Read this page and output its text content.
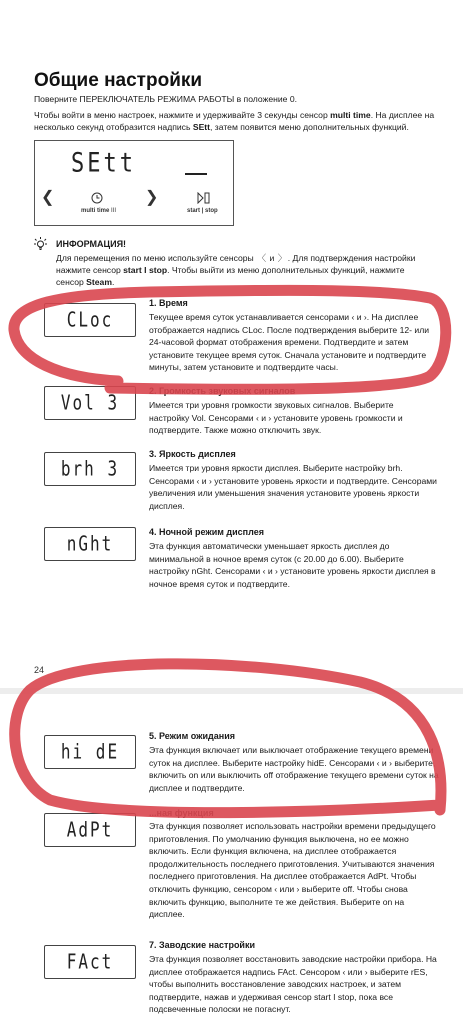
Общие настройки

Поверните ПЕРЕКЛЮЧАТЕЛЬ РЕЖИМА РАБОТЫ в положение 0.

Чтобы войти в меню настроек, нажмите и удерживайте 3 секунды сенсор multi time. На дисплее на несколько секунд отобразится надпись SEtt, затем появится меню дополнительных функций.

SEtt
❮	❯
multi time III	start | stop
ИНФОРМАЦИЯ!

Для перемещения по меню используйте сенсоры 〈 и 〉. Для подтверждения настройки
нажмите сенсор start I stop. Чтобы выйти из меню дополнительных функций, нажмите
сенсор Steam.

CLoc
1. Время

Текущее время суток устанавливается сенсорами ‹ и ›. На дисплее отображается надпись CLoc. После подтверждения выберите 12- или 24-часовой формат отображения времени. Подтвердите и затем установите текущее время суток. Сначала установите и подтвердите минуты, затем установите и подтвердите часы.

Vol 3	2. Громкость звуковых сигналов

Имеется три уровня громкости звуковых сигналов. Выберите настройку Vol. Сенсорами ‹ и › установите уровень громкости и подтвердите. Также можно отключить звук.

brh 3
3. Яркость дисплея

Имеется три уровня яркости дисплея. Выберите настройку brh. Сенсорами ‹ и › установите уровень яркости и подтвердите. Сенсорами увеличения или уменьшения значения установите уровень яркости дисплея.

nGht	4. Ночной режим дисплея

Эта функция автоматически уменьшает яркость дисплея до минимальной в ночное время суток (с 20.00 до 6.00). Выберите настройку nGht. Сенсорами ‹ и › установите уровень яркости дисплея в ночное время суток и подтвердите.

24
hi dE
5. Режим ожидания

Эта функция включает или выключает отображение текущего времени суток на дисплее. Выберите настройку hidE. Сенсорами ‹ и › выберите, включить on или выключить off отображение текущего времени суток на дисплее и подтвердите.

AdPt
...ная функция

Эта функция позволяет использовать настройки времени предыдущего приготовления. По умолчанию функция выключена, но ее можно включить. Если функция включена, на дисплее отображается продолжительность последнего приготовления. Учитываются значения последнего приготовления. На дисплее отображается AdPt. Чтобы отключить функцию, сенсором ‹ или › выберите off. Чтобы снова включить функцию, выполните те же действия. Выберите on на дисплее.

FAct
7. Заводские настройки

Эта функция позволяет восстановить заводские настройки прибора. На дисплее отображается надпись FAct. Сенсором ‹ или › выберите rES, чтобы выполнить восстановление заводских настроек, и затем подтвердите, нажав и удерживая сенсор start I stop, пока все подсвеченные полоски не погаснут.
